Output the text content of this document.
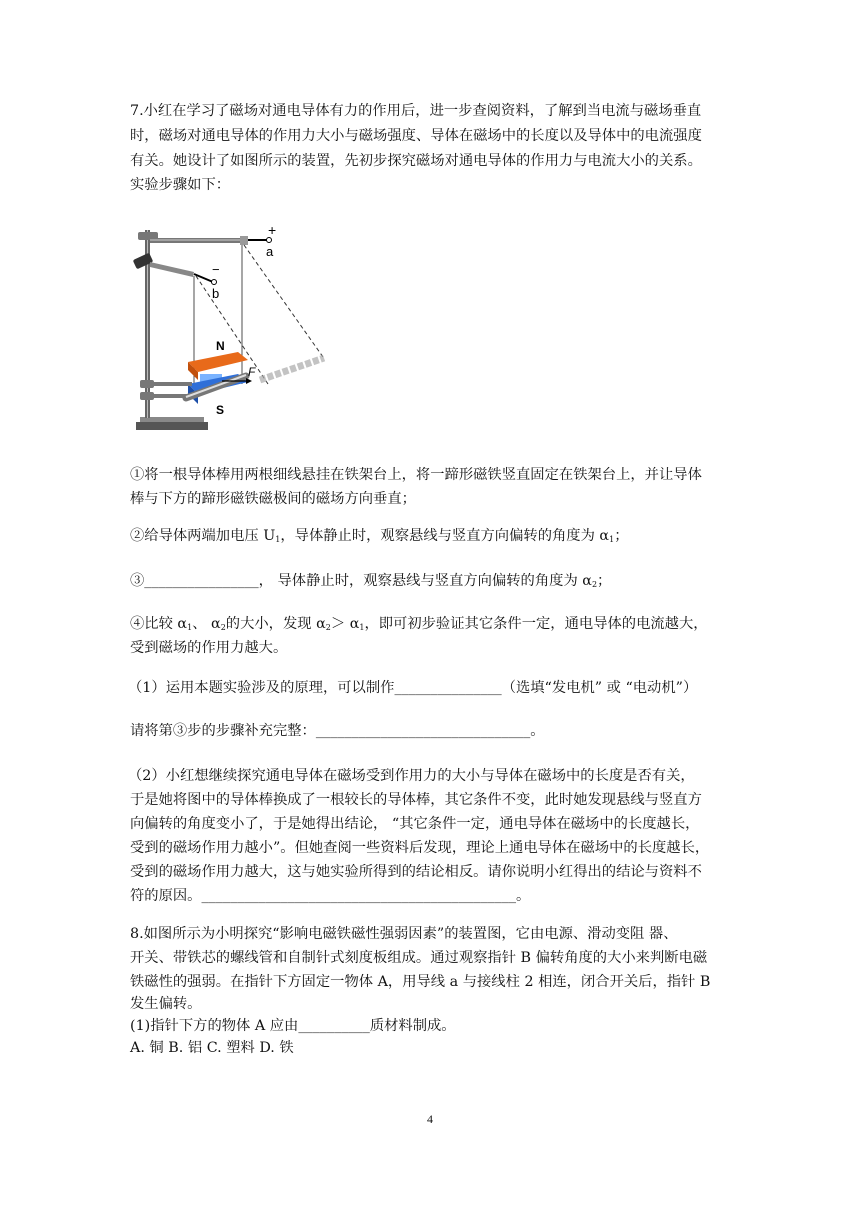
7.小红在学习了磁场对通电导体有力的作用后，进一步查阅资料，了解到当电流与磁场垂直
时，磁场对通电导体的作用力大小与磁场强度、导体在磁场中的长度以及导体中的电流强度
有关。她设计了如图所示的装置，先初步探究磁场对通电导体的作用力与电流大小的关系。
实验步骤如下：
+
a
−
b
N
S
F
①将一根导体棒用两根细线悬挂在铁架台上，将一蹄形磁铁竖直固定在铁架台上，并让导体
棒与下方的蹄形磁铁磁极间的磁场方向垂直；
②给导体两端加电压 $U_1$，导体静止时，观察悬线与竖直方向偏转的角度为 $\alpha_1$；
③________________， 导体静止时，观察悬线与竖直方向偏转的角度为 $\alpha_2$；
④比较 $\alpha_1$、 $\alpha_2$的大小，发现 $\alpha_2> \alpha_1$，即可初步验证其它条件一定，通电导体的电流越大，
受到磁场的作用力越大。
（1）运用本题实验涉及的原理，可以制作_______________（选填“发电机” 或 “电动机”）
请将第③步的步骤补充完整：______________________________。
（2）小红想继续探究通电导体在磁场受到作用力的大小与导体在磁场中的长度是否有关，
于是她将图中的导体棒换成了一根较长的导体棒，其它条件不变，此时她发现悬线与竖直方
向偏转的角度变小了，于是她得出结论， “其它条件一定，通电导体在磁场中的长度越长，
受到的磁场作用力越小”。但她查阅一些资料后发现，理论上通电导体在磁场中的长度越长，
受到的磁场作用力越大，这与她实验所得到的结论相反。请你说明小红得出的结论与资料不
符的原因。____________________________________________。
8.如图所示为小明探究“影响电磁铁磁性强弱因素”的装置图，它由电源、滑动变阻 器、
开关、带铁芯的螺线管和自制针式刻度板组成。通过观察指针 B 偏转角度的大小来判断电磁
铁磁性的强弱。在指针下方固定一物体 A，用导线 a 与接线柱 2 相连，闭合开关后，指针 B
发生偏转。
(1)指针下方的物体 A 应由__________质材料制成。
A. 铜 B. 铝 C. 塑料 D. 铁
4
